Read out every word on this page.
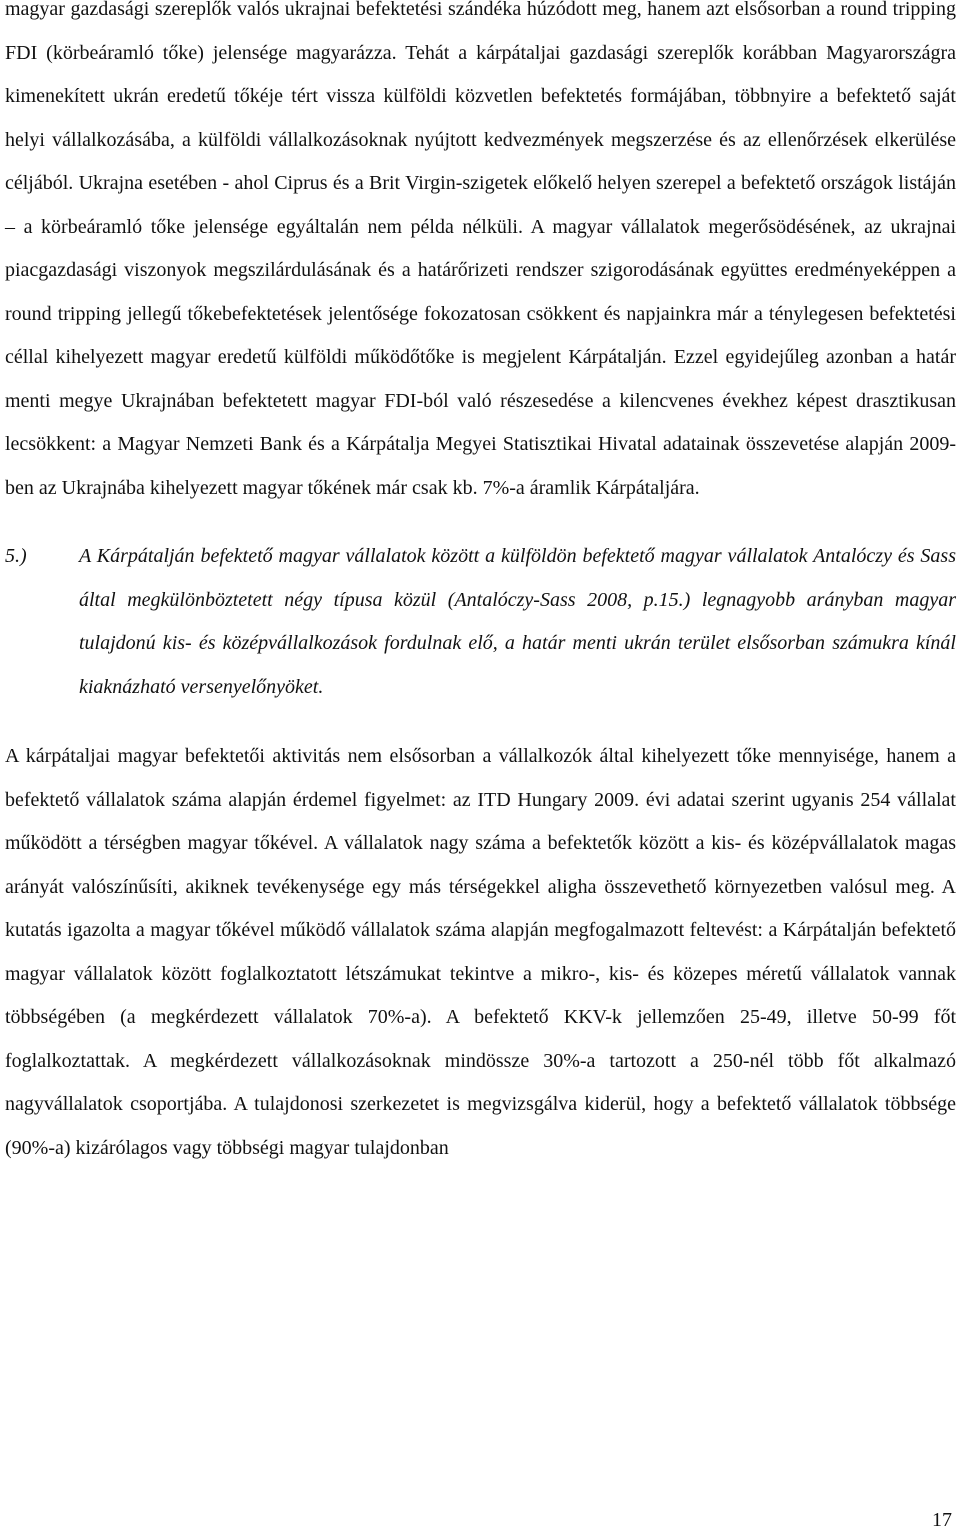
magyar gazdasági szereplők valós ukrajnai befektetési szándéka húzódott meg, hanem azt elsősorban a round tripping FDI (körbeáramló tőke) jelensége magyarázza. Tehát a kárpátaljai gazdasági szereplők korábban Magyarországra kimenekített ukrán eredetű tőkéje tért vissza külföldi közvetlen befektetés formájában, többnyire a befektető saját helyi vállalkozásába, a külföldi vállalkozásoknak nyújtott kedvezmények megszerzése és az ellenőrzések elkerülése céljából. Ukrajna esetében - ahol Ciprus és a Brit Virgin-szigetek előkelő helyen szerepel a befektető országok listáján – a körbeáramló tőke jelensége egyáltalán nem példa nélküli. A magyar vállalatok megerősödésének, az ukrajnai piacgazdasági viszonyok megszilárdulásának és a határőrizeti rendszer szigorodásának együttes eredményeképpen a round tripping jellegű tőkebefektetések jelentősége fokozatosan csökkent és napjainkra már a ténylegesen befektetési céllal kihelyezett magyar eredetű külföldi működőtőke is megjelent Kárpátalján. Ezzel egyidejűleg azonban a határ menti megye Ukrajnában befektetett magyar FDI-ból való részesedése a kilencvenes évekhez képest drasztikusan lecsökkent: a Magyar Nemzeti Bank és a Kárpátalja Megyei Statisztikai Hivatal adatainak összevetése alapján 2009-ben az Ukrajnába kihelyezett magyar tőkének már csak kb. 7%-a áramlik Kárpátaljára.

5.)	A Kárpátalján befektető magyar vállalatok között a külföldön befektető magyar vállalatok Antalóczy és Sass által megkülönböztetett négy típusa közül (Antalóczy-Sass 2008, p.15.) legnagyobb arányban magyar tulajdonú kis- és középvállalkozások fordulnak elő, a határ menti ukrán terület elsősorban számukra kínál kiaknázható versenyelőnyöket.

A kárpátaljai magyar befektetői aktivitás nem elsősorban a vállalkozók által kihelyezett tőke mennyisége, hanem a befektető vállalatok száma alapján érdemel figyelmet: az ITD Hungary 2009. évi adatai szerint ugyanis 254 vállalat működött a térségben magyar tőkével. A vállalatok nagy száma a befektetők között a kis- és középvállalatok magas arányát valószínűsíti, akiknek tevékenysége egy más térségekkel aligha összevethető környezetben valósul meg. A kutatás igazolta a magyar tőkével működő vállalatok száma alapján megfogalmazott feltevést: a Kárpátalján befektető magyar vállalatok között foglalkoztatott létszámukat tekintve a mikro-, kis- és közepes méretű vállalatok vannak többségében (a megkérdezett vállalatok 70%-a). A befektető KKV-k jellemzően 25-49, illetve 50-99 főt foglalkoztattak. A megkérdezett vállalkozásoknak mindössze 30%-a tartozott a 250-nél több főt alkalmazó nagyvállalatok csoportjába. A tulajdonosi szerkezetet is megvizsgálva kiderül, hogy a befektető vállalatok többsége (90%-a) kizárólagos vagy többségi magyar tulajdonban

17
